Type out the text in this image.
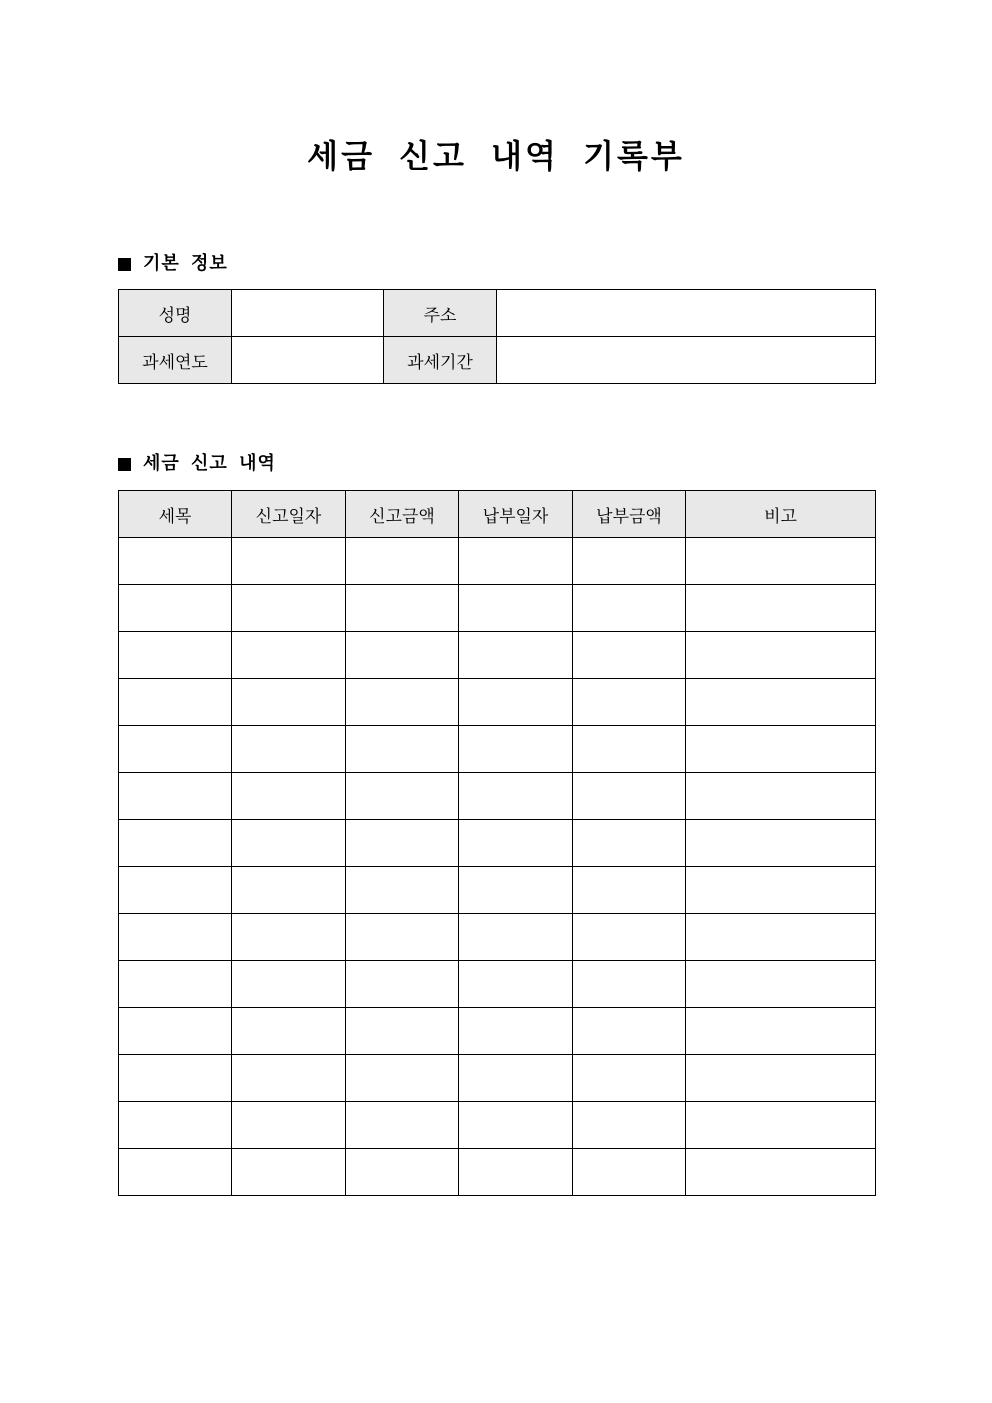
세금 신고 내역 기록부
기본 정보
성명		주소	
과세연도		과세기간	
세금 신고 내역
세목	신고일자	신고금액	납부일자	납부금액	비고
